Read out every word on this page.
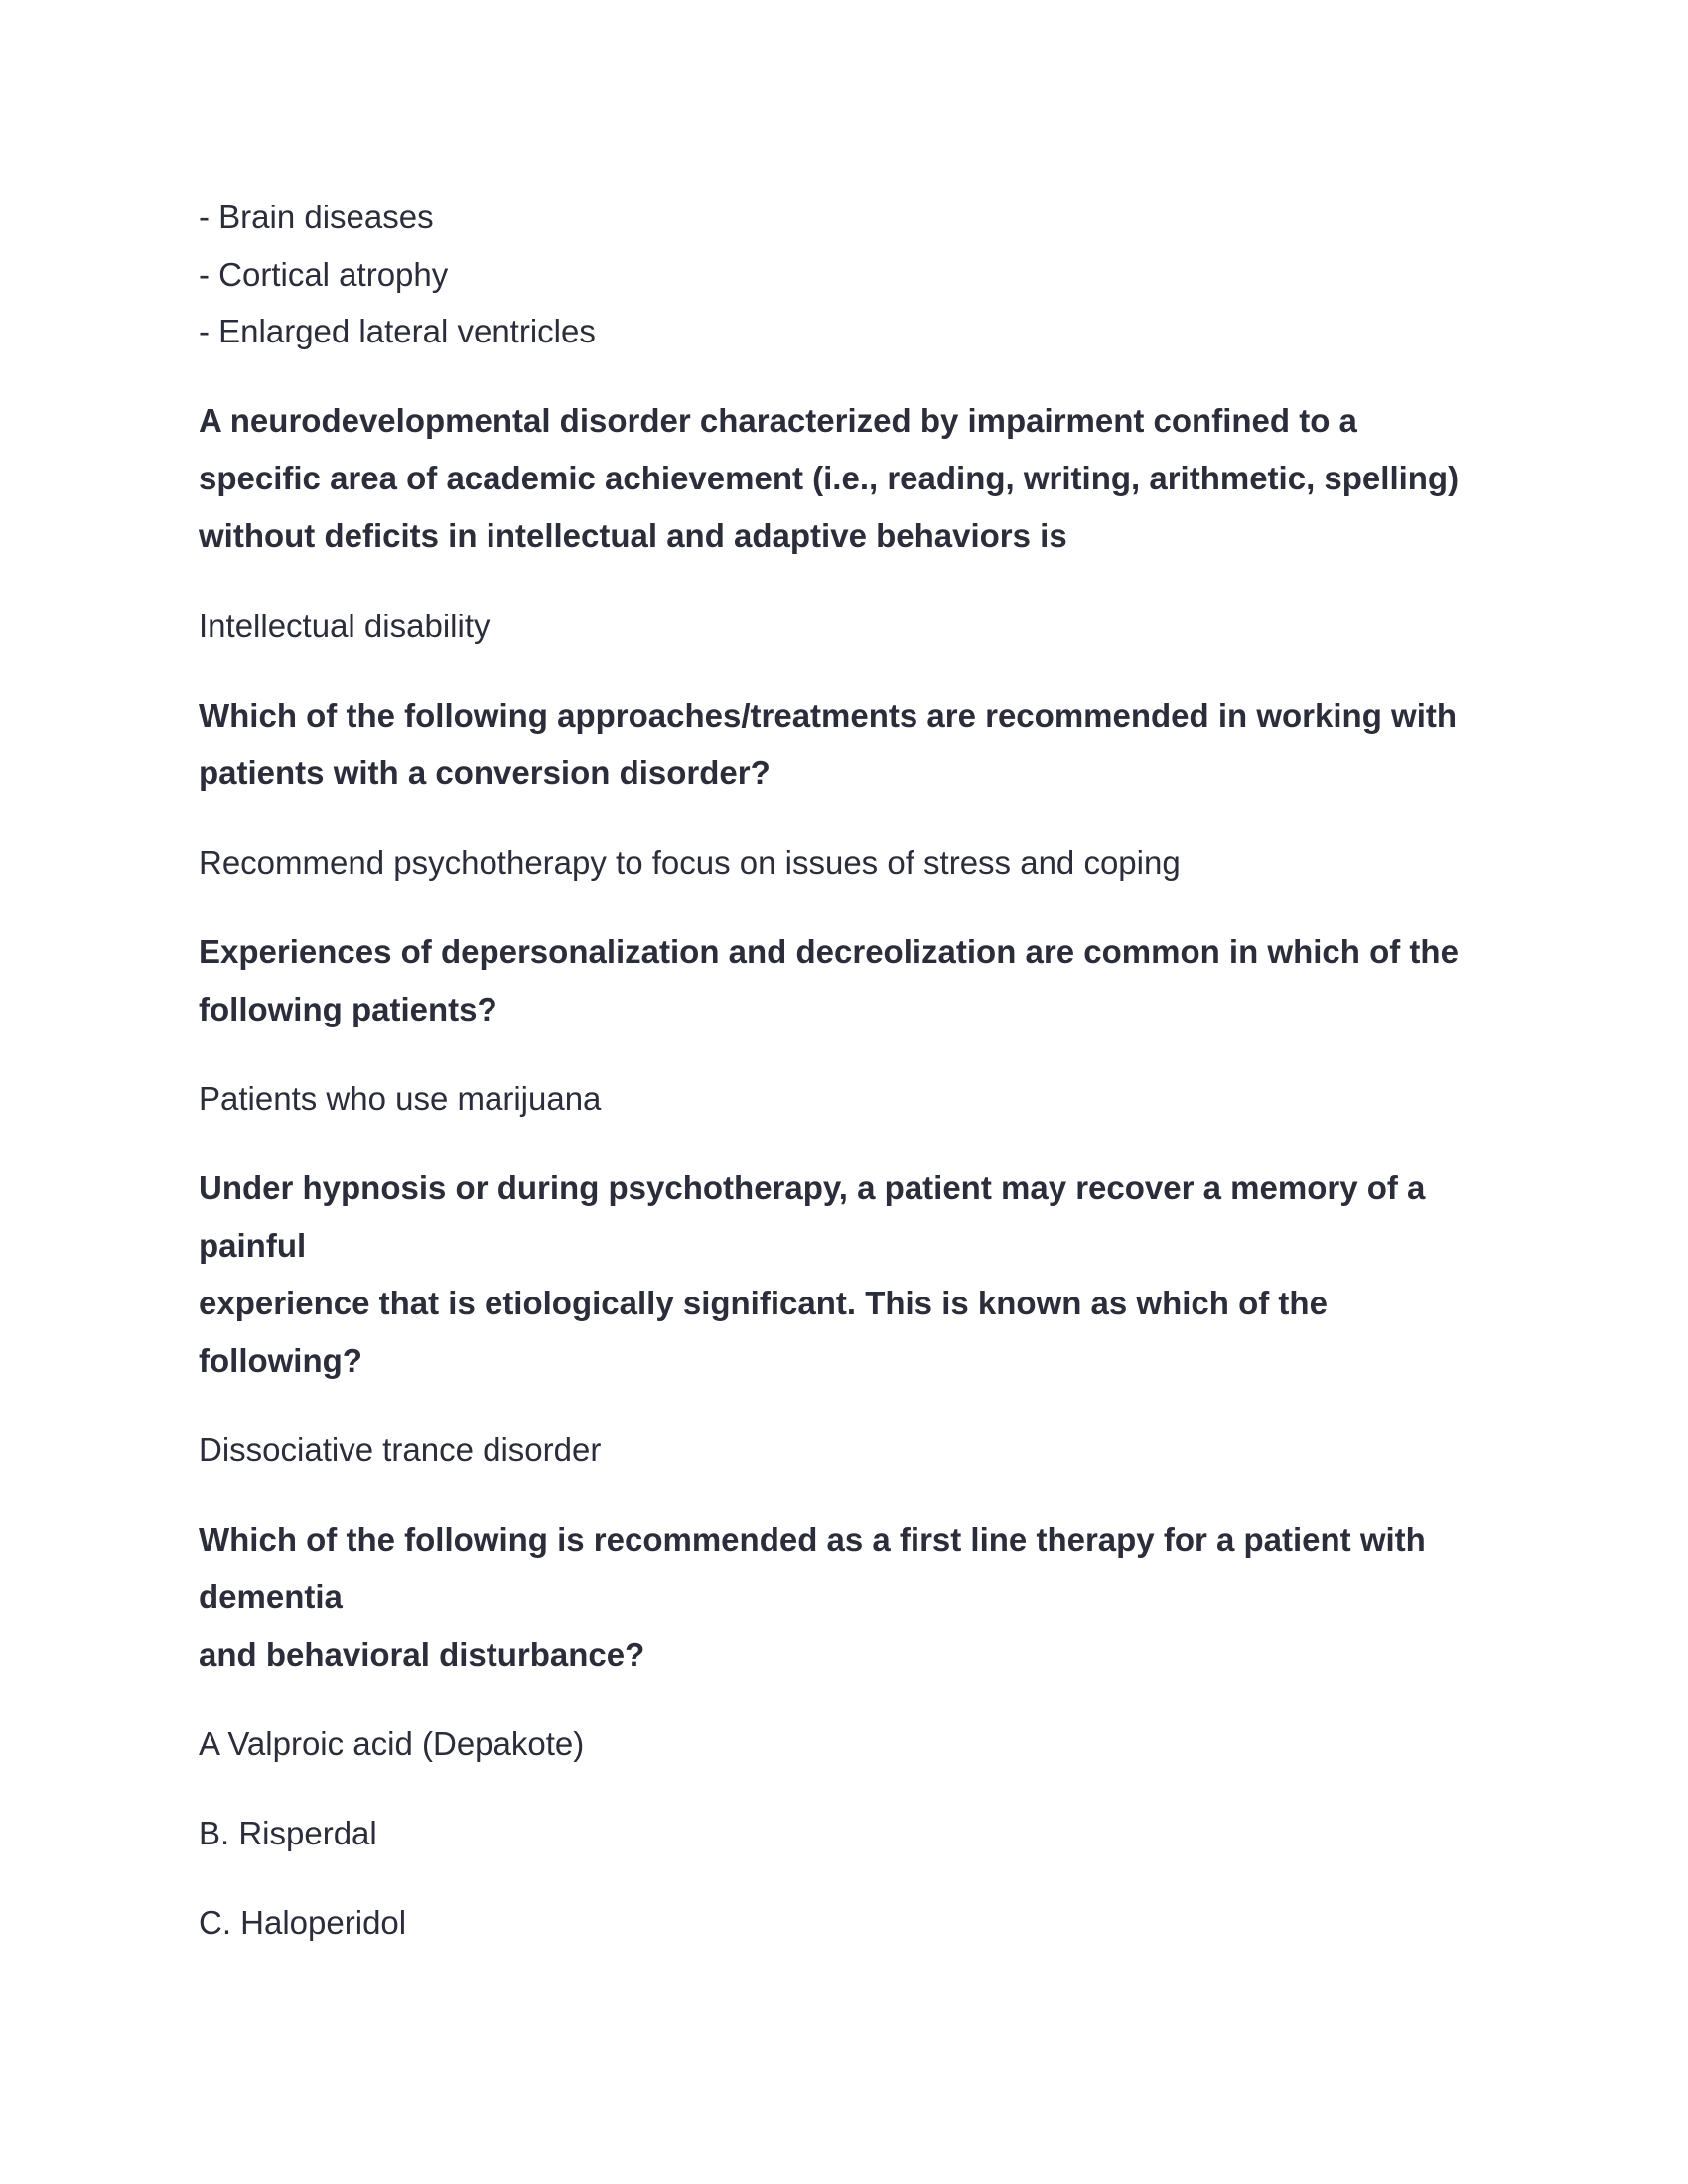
- Brain diseases
- Cortical atrophy
- Enlarged lateral ventricles
A neurodevelopmental disorder characterized by impairment confined to a
specific area of academic achievement (i.e., reading, writing, arithmetic, spelling)
without deficits in intellectual and adaptive behaviors is
Intellectual disability
Which of the following approaches/treatments are recommended in working with
patients with a conversion disorder?
Recommend psychotherapy to focus on issues of stress and coping
Experiences of depersonalization and decreolization are common in which of the
following patients?
Patients who use marijuana
Under hypnosis or during psychotherapy, a patient may recover a memory of a
painful
experience that is etiologically significant. This is known as which of the
following?
Dissociative trance disorder
Which of the following is recommended as a first line therapy for a patient with
dementia
and behavioral disturbance?
A Valproic acid (Depakote)
B. Risperdal
C. Haloperidol
